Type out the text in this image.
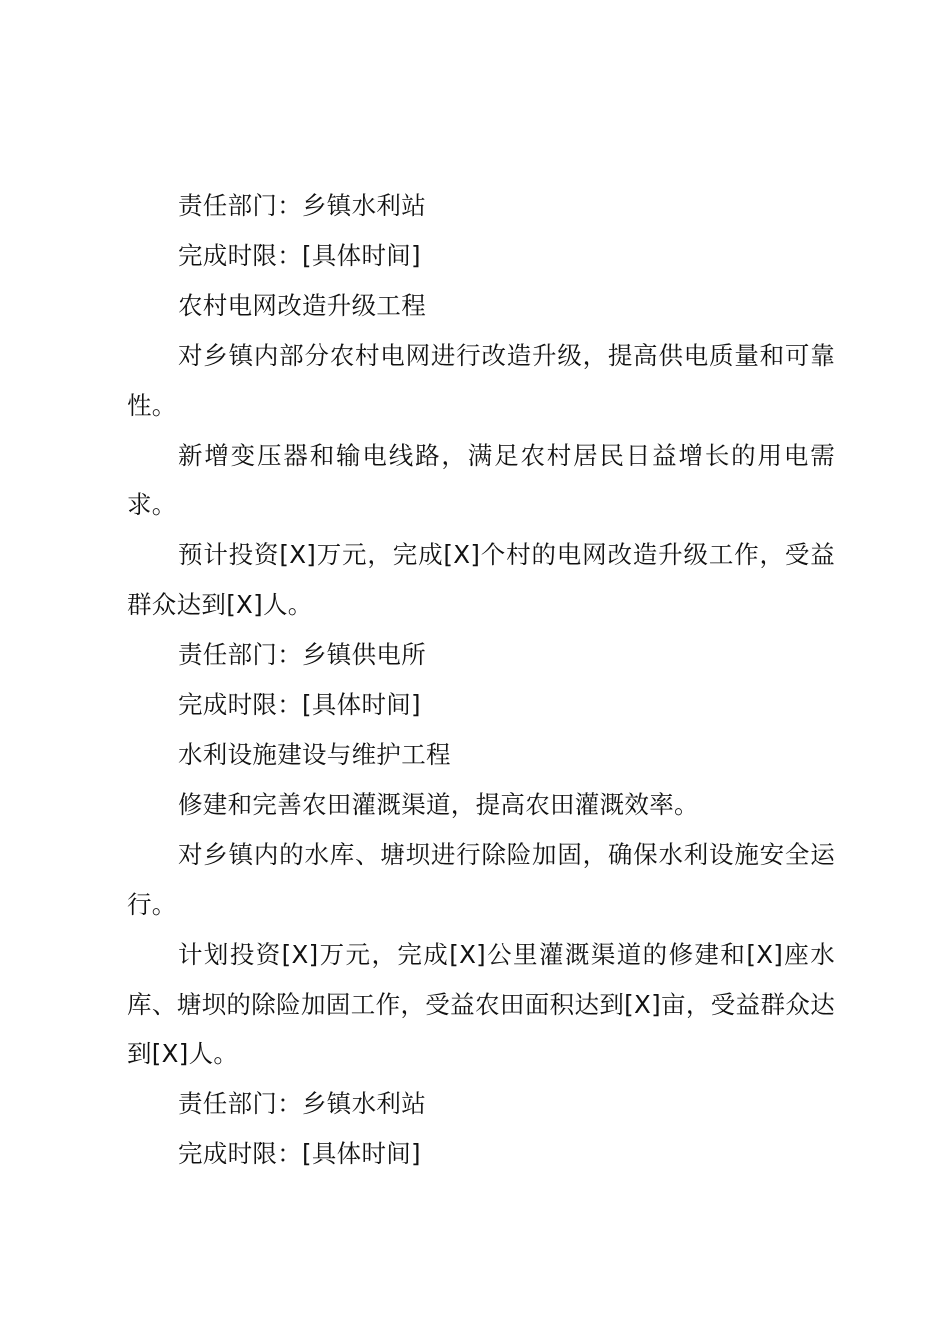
责任部门：乡镇水利站

完成时限：[具体时间]

农村电网改造升级工程

对乡镇内部分农村电网进行改造升级，提高供电质量和可靠性。

新增变压器和输电线路，满足农村居民日益增长的用电需求。

预计投资[X]万元，完成[X]个村的电网改造升级工作，受益群众达到[X]人。

责任部门：乡镇供电所

完成时限：[具体时间]

水利设施建设与维护工程

修建和完善农田灌溉渠道，提高农田灌溉效率。

对乡镇内的水库、塘坝进行除险加固，确保水利设施安全运行。

计划投资[X]万元，完成[X]公里灌溉渠道的修建和[X]座水库、塘坝的除险加固工作，受益农田面积达到[X]亩，受益群众达到[X]人。

责任部门：乡镇水利站

完成时限：[具体时间]
